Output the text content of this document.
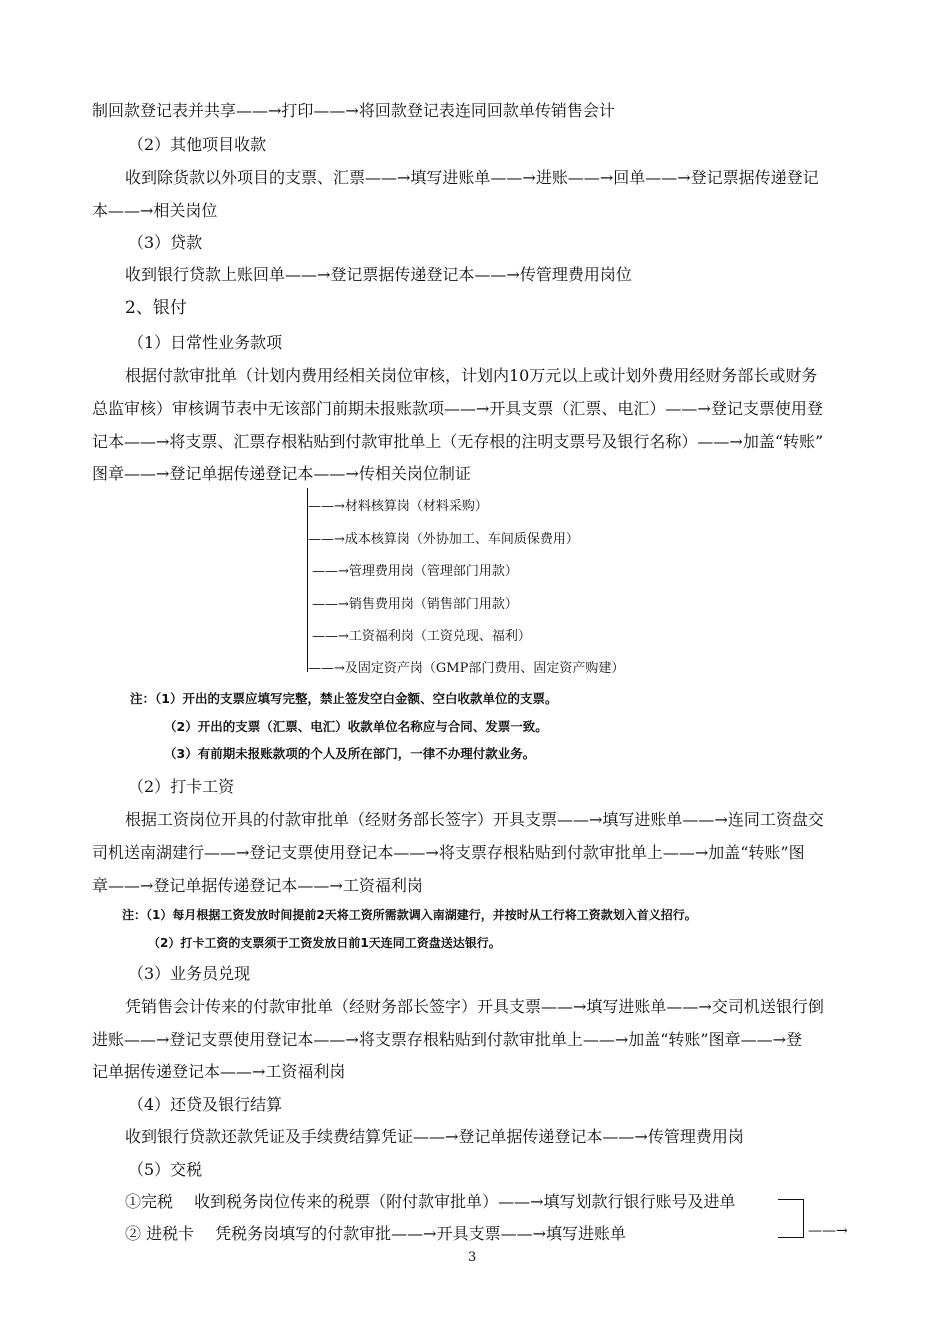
制回款登记表并共享——→打印——→将回款登记表连同回款单传销售会计
（2）其他项目收款
收到除货款以外项目的支票、汇票——→填写进账单——→进账——→回单——→登记票据传递登记
本——→相关岗位
（3）贷款
收到银行贷款上账回单——→登记票据传递登记本——→传管理费用岗位
2、银付
（1）日常性业务款项
根据付款审批单（计划内费用经相关岗位审核，计划内10万元以上或计划外费用经财务部长或财务
总监审核）审核调节表中无该部门前期未报账款项——→开具支票（汇票、电汇）——→登记支票使用登
记本——→将支票、汇票存根粘贴到付款审批单上（无存根的注明支票号及银行名称）——→加盖“转账”
图章——→登记单据传递登记本——→传相关岗位制证
——→材料核算岗（材料采购）
——→成本核算岗（外协加工、车间质保费用）
——→管理费用岗（管理部门用款）
——→销售费用岗（销售部门用款）
——→工资福利岗（工资兑现、福利）
——→及固定资产岗（GMP部门费用、固定资产购建）
注：（1）开出的支票应填写完整，禁止签发空白金额、空白收款单位的支票。
（2）开出的支票（汇票、电汇）收款单位名称应与合同、发票一致。
（3）有前期未报账款项的个人及所在部门，一律不办理付款业务。
（2）打卡工资
根据工资岗位开具的付款审批单（经财务部长签字）开具支票——→填写进账单——→连同工资盘交
司机送南湖建行——→登记支票使用登记本——→将支票存根粘贴到付款审批单上——→加盖“转账”图
章——→登记单据传递登记本——→工资福利岗
注：（1）每月根据工资发放时间提前2天将工资所需款调入南湖建行，并按时从工行将工资款划入首义招行。
（2）打卡工资的支票须于工资发放日前1天连同工资盘送达银行。
（3）业务员兑现
凭销售会计传来的付款审批单（经财务部长签字）开具支票——→填写进账单——→交司机送银行倒
进账——→登记支票使用登记本——→将支票存根粘贴到付款审批单上——→加盖“转账”图章——→登
记单据传递登记本——→工资福利岗
（4）还贷及银行结算
收到银行贷款还款凭证及手续费结算凭证——→登记单据传递登记本——→传管理费用岗
（5）交税
①完税　 收到税务岗位传来的税票（附付款审批单）——→填写划款行银行账号及进单
② 进税卡　 凭税务岗填写的付款审批——→开具支票——→填写进账单	——→
3
